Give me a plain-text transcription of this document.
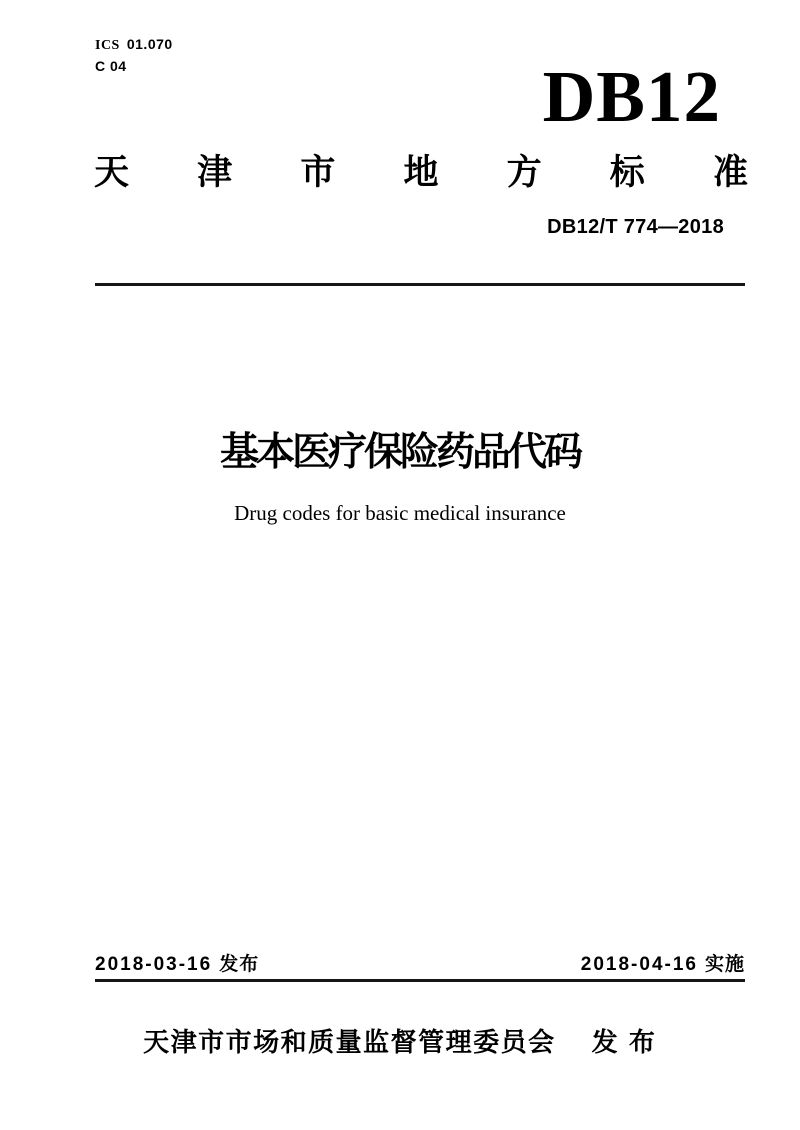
ICS 01.070
C 04	DB12
天 津 市 地 方 标 准
DB12/T 774—2018
基本医疗保险药品代码
Drug codes for basic medical insurance
2018-03-16 发布	2018-04-16 实施
天津市市场和质量监督管理委员会 发 布
